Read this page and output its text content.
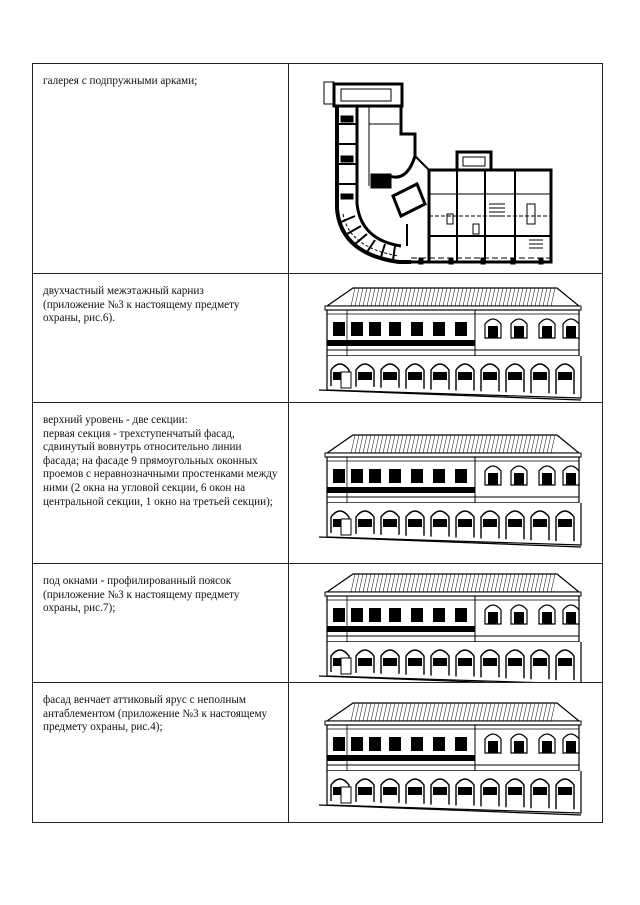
галерея с подпружными арками;

двухчастный межэтажный карниз
(приложение №3 к настоящему предмету охраны, рис.6).

верхний уровень - две секции:
первая секция - трехступенчатый фасад, сдвинутый вовнутрь относительно линии фасада; на фасаде 9 прямоугольных оконных проемов с неравнозначными простенками между ними (2 окна на угловой секции, 6 окон на центральной секции, 1 окно на третьей секции);

под окнами - профилированный поясок
(приложение №3 к настоящему предмету охраны, рис.7);

фасад венчает аттиковый ярус с неполным антаблементом (приложение №3 к настоящему предмету охраны, рис.4);
